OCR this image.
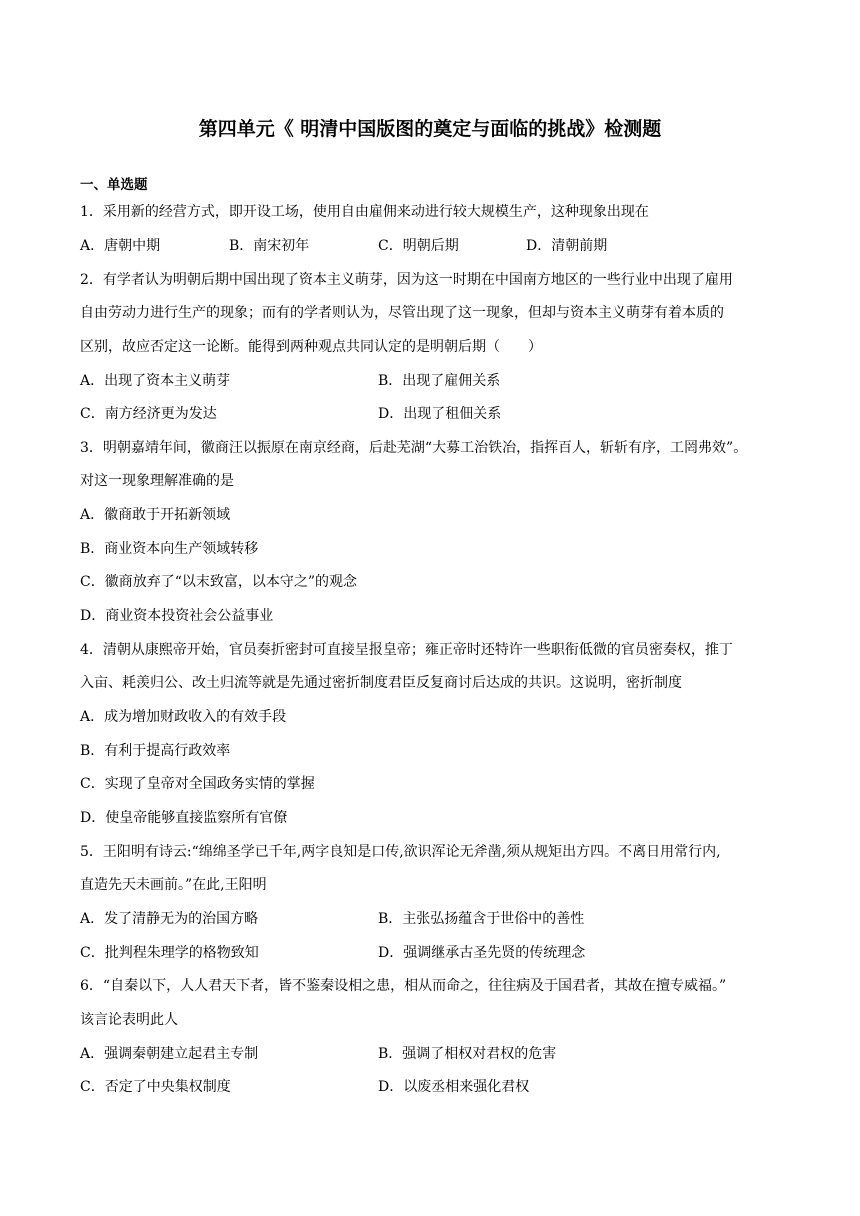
第四单元《 明清中国版图的奠定与面临的挑战》检测题
一、单选题
1．采用新的经营方式，即开设工场，使用自由雇佣来动进行较大规模生产，这种现象出现在
A．唐朝中期	B．南宋初年	C．明朝后期	D．清朝前期
2．有学者认为明朝后期中国出现了资本主义萌芽，因为这一时期在中国南方地区的一些行业中出现了雇用
自由劳动力进行生产的现象；而有的学者则认为，尽管出现了这一现象，但却与资本主义萌芽有着本质的
区别，故应否定这一论断。能得到两种观点共同认定的是明朝后期（　　）
A．出现了资本主义萌芽	B．出现了雇佣关系
C．南方经济更为发达	D．出现了租佃关系
3．明朝嘉靖年间，徽商汪以振原在南京经商，后赴芜湖“大募工治铁冶，指挥百人，斩斩有序，工罔弗效”。
对这一现象理解准确的是
A．徽商敢于开拓新领域
B．商业资本向生产领域转移
C．徽商放弃了“以末致富，以本守之”的观念
D．商业资本投资社会公益事业
4．清朝从康熙帝开始，官员奏折密封可直接呈报皇帝；雍正帝时还特许一些职衔低微的官员密奏权，推丁
入亩、耗羡归公、改土归流等就是先通过密折制度君臣反复商讨后达成的共识。这说明，密折制度
A．成为增加财政收入的有效手段
B．有利于提高行政效率
C．实现了皇帝对全国政务实情的掌握
D．使皇帝能够直接监察所有官僚
5．王阳明有诗云:“绵绵圣学已千年,两字良知是口传,欲识浑论无斧凿,须从规矩出方四。不离日用常行内,
直造先天未画前。”在此,王阳明
A．发了清静无为的治国方略	B．主张弘扬蕴含于世俗中的善性
C．批判程朱理学的格物致知	D．强调继承古圣先贤的传统理念
6．“自秦以下，人人君天下者，皆不鉴秦设相之患，相从而命之，往往病及于国君者，其故在擅专威福。”
该言论表明此人
A．强调秦朝建立起君主专制	B．强调了相权对君权的危害
C．否定了中央集权制度	D．以废丞相来强化君权
